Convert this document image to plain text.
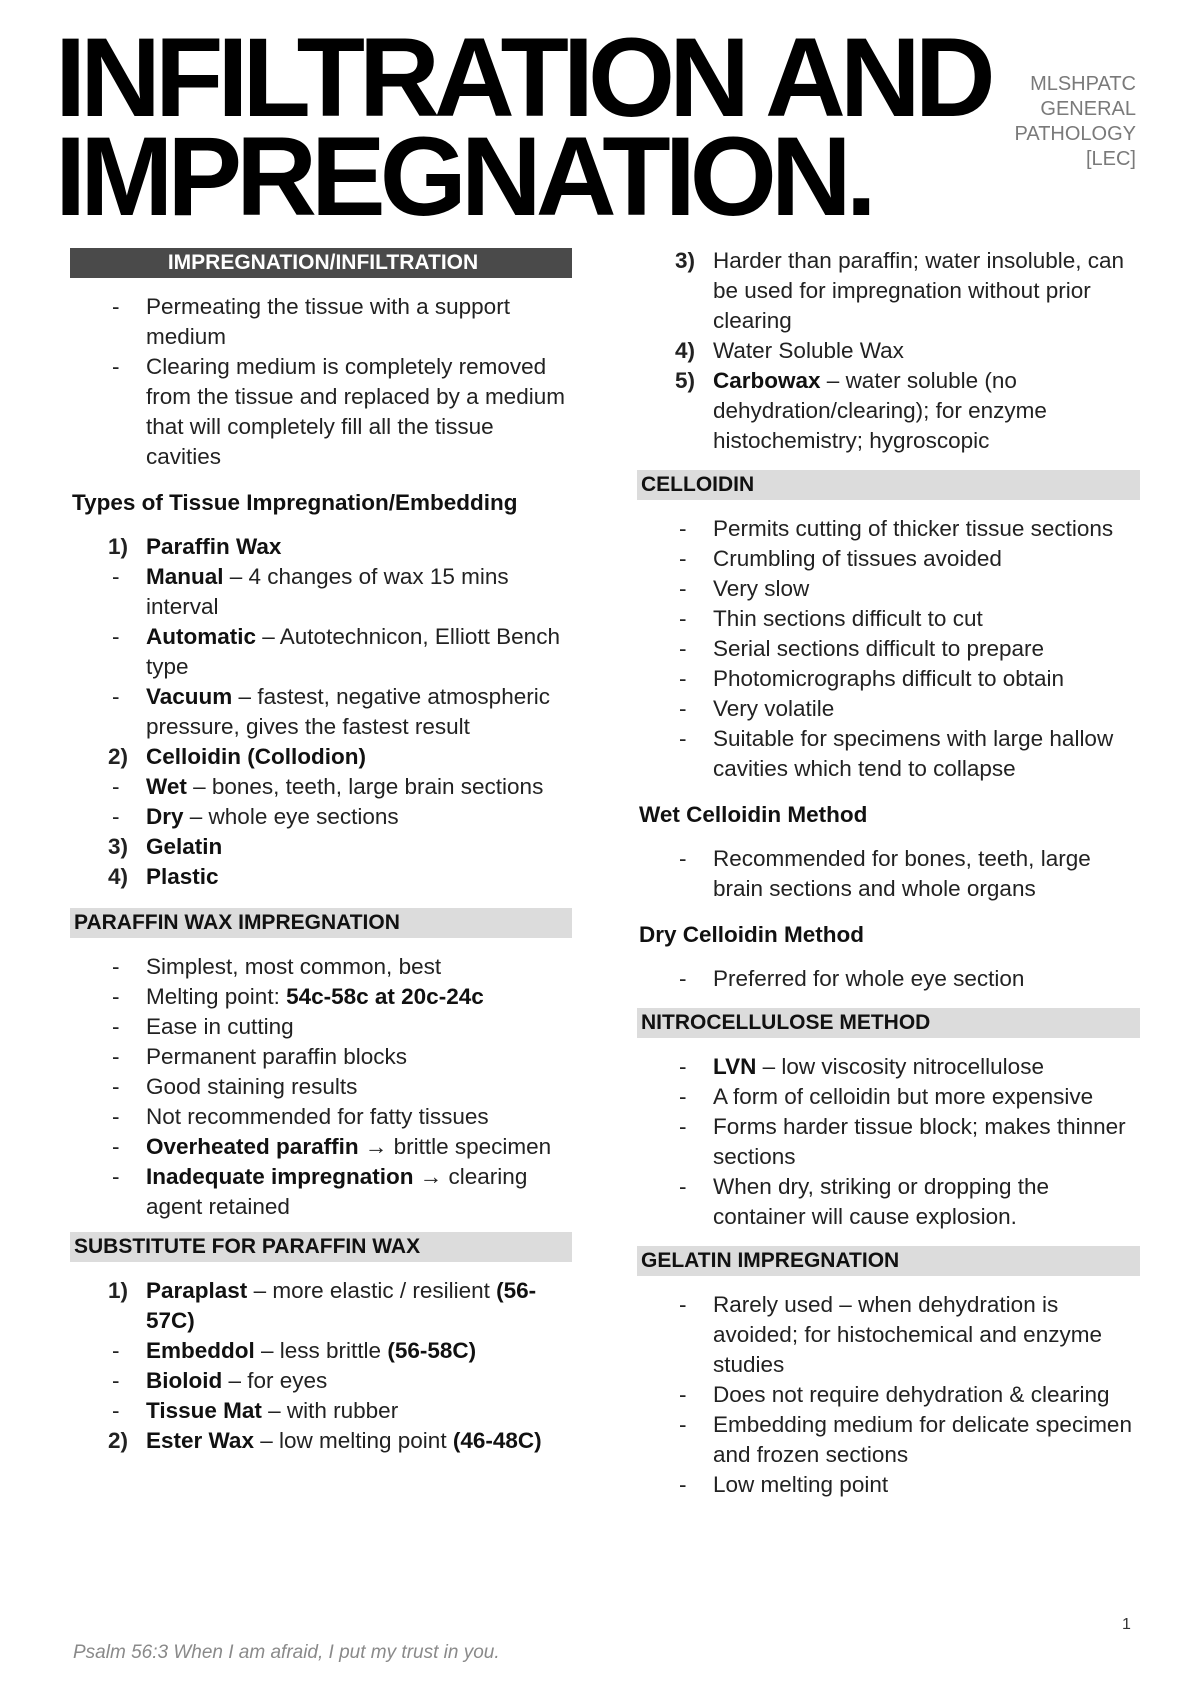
INFILTRATION AND
IMPREGNATION.
MLSHPATC
GENERAL
PATHOLOGY
[LEC]
IMPREGNATION/INFILTRATION
- Permeating the tissue with a support medium
- Clearing medium is completely removed from the tissue and replaced by a medium that will completely fill all the tissue cavities

Types of Tissue Impregnation/Embedding

1) Paraffin Wax
- Manual – 4 changes of wax 15 mins interval
- Automatic – Autotechnicon, Elliott Bench type
- Vacuum – fastest, negative atmospheric pressure, gives the fastest result
2) Celloidin (Collodion)
- Wet – bones, teeth, large brain sections
- Dry – whole eye sections
3) Gelatin
4) Plastic
PARAFFIN WAX IMPREGNATION
- Simplest, most common, best
- Melting point: 54c-58c at 20c-24c
- Ease in cutting
- Permanent paraffin blocks
- Good staining results
- Not recommended for fatty tissues
- Overheated paraffin → brittle specimen
- Inadequate impregnation → clearing agent retained
SUBSTITUTE FOR PARAFFIN WAX
1) Paraplast – more elastic / resilient (56-57C)
- Embeddol – less brittle (56-58C)
- Bioloid – for eyes
- Tissue Mat – with rubber
2) Ester Wax – low melting point (46-48C)
3) Harder than paraffin; water insoluble, can be used for impregnation without prior clearing
4) Water Soluble Wax
5) Carbowax – water soluble (no dehydration/clearing); for enzyme histochemistry; hygroscopic
CELLOIDIN
- Permits cutting of thicker tissue sections
- Crumbling of tissues avoided
- Very slow
- Thin sections difficult to cut
- Serial sections difficult to prepare
- Photomicrographs difficult to obtain
- Very volatile
- Suitable for specimens with large hallow cavities which tend to collapse

Wet Celloidin Method

- Recommended for bones, teeth, large brain sections and whole organs

Dry Celloidin Method

- Preferred for whole eye section
NITROCELLULOSE METHOD
- LVN – low viscosity nitrocellulose
- A form of celloidin but more expensive
- Forms harder tissue block; makes thinner sections
- When dry, striking or dropping the container will cause explosion.
GELATIN IMPREGNATION
- Rarely used – when dehydration is avoided; for histochemical and enzyme studies
- Does not require dehydration & clearing
- Embedding medium for delicate specimen and frozen sections
- Low melting point
1
Psalm 56:3 When I am afraid, I put my trust in you.
